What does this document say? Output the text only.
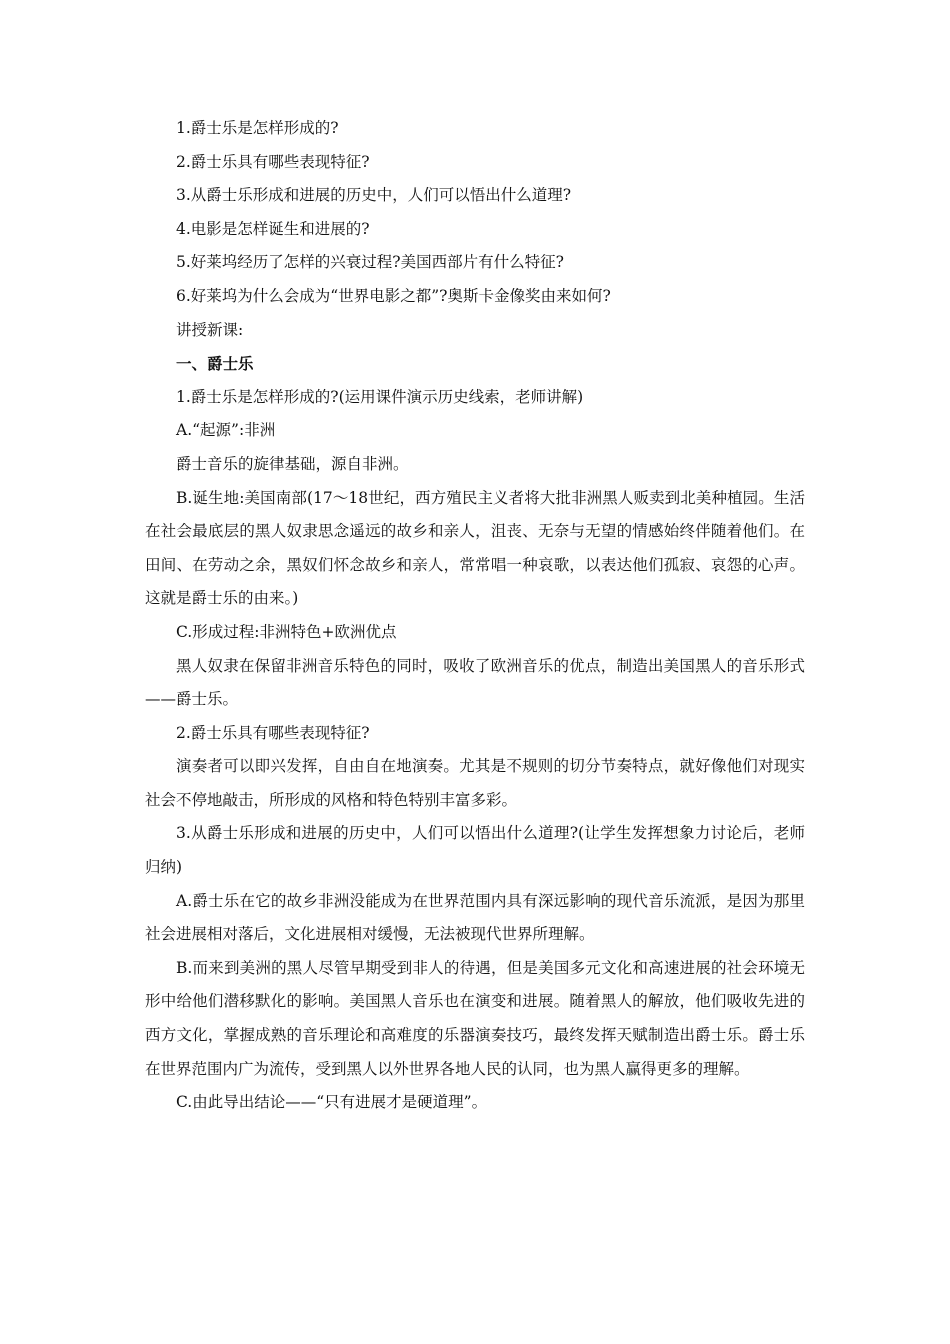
1.爵士乐是怎样形成的?

2.爵士乐具有哪些表现特征?

3.从爵士乐形成和进展的历史中，人们可以悟出什么道理?

4.电影是怎样诞生和进展的?

5.好莱坞经历了怎样的兴衰过程?美国西部片有什么特征?

6.好莱坞为什么会成为“世界电影之都”?奥斯卡金像奖由来如何?

讲授新课:

一、爵士乐

1.爵士乐是怎样形成的?(运用课件演示历史线索，老师讲解)

A.“起源”:非洲

爵士音乐的旋律基础，源自非洲。

B.诞生地:美国南部(17～18世纪，西方殖民主义者将大批非洲黑人贩卖到北美种植园。生活在社会最底层的黑人奴隶思念遥远的故乡和亲人，沮丧、无奈与无望的情感始终伴随着他们。在田间、在劳动之余，黑奴们怀念故乡和亲人，常常唱一种哀歌，以表达他们孤寂、哀怨的心声。这就是爵士乐的由来。)

C.形成过程:非洲特色+欧洲优点

黑人奴隶在保留非洲音乐特色的同时，吸收了欧洲音乐的优点，制造出美国黑人的音乐形式——爵士乐。

2.爵士乐具有哪些表现特征?

演奏者可以即兴发挥，自由自在地演奏。尤其是不规则的切分节奏特点，就好像他们对现实社会不停地敲击，所形成的风格和特色特别丰富多彩。

3.从爵士乐形成和进展的历史中，人们可以悟出什么道理?(让学生发挥想象力讨论后，老师归纳)

A.爵士乐在它的故乡非洲没能成为在世界范围内具有深远影响的现代音乐流派，是因为那里社会进展相对落后，文化进展相对缓慢，无法被现代世界所理解。

B.而来到美洲的黑人尽管早期受到非人的待遇，但是美国多元文化和高速进展的社会环境无形中给他们潜移默化的影响。美国黑人音乐也在演变和进展。随着黑人的解放，他们吸收先进的西方文化，掌握成熟的音乐理论和高难度的乐器演奏技巧，最终发挥天赋制造出爵士乐。爵士乐在世界范围内广为流传，受到黑人以外世界各地人民的认同，也为黑人赢得更多的理解。

C.由此导出结论——“只有进展才是硬道理”。
